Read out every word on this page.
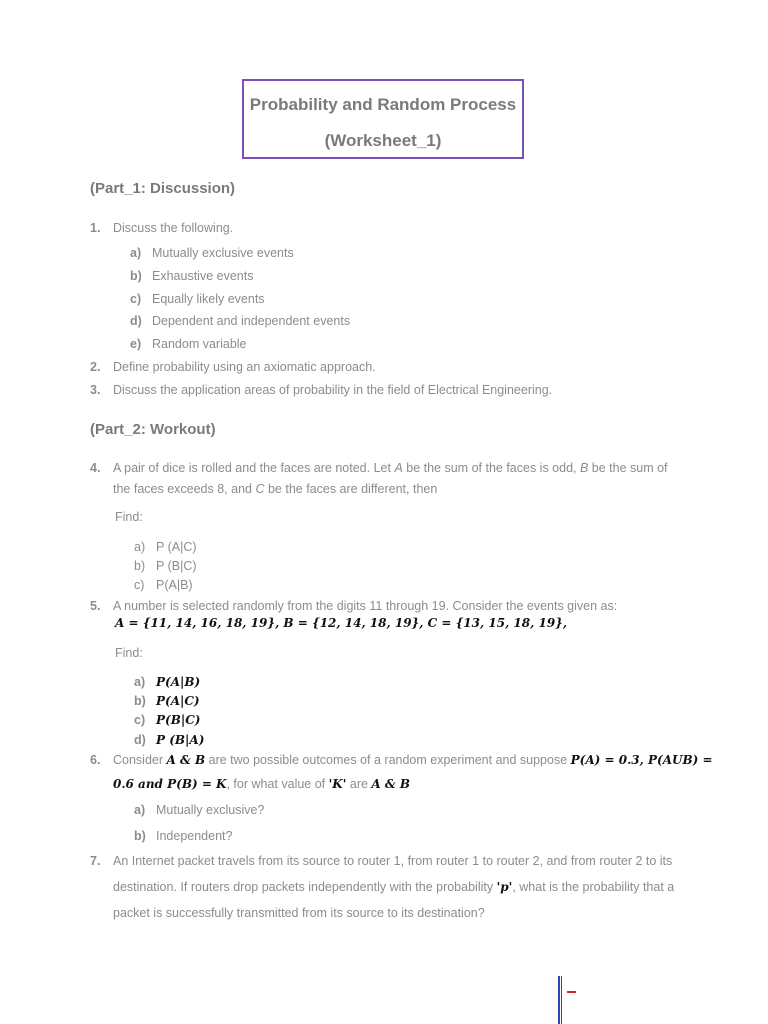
Probability and Random Process
(Worksheet_1)
(Part_1: Discussion)
1. Discuss the following.
a) Mutually exclusive events
b) Exhaustive events
c) Equally likely events
d) Dependent and independent events
e) Random variable
2. Define probability using an axiomatic approach.
3. Discuss the application areas of probability in the field of Electrical Engineering.
(Part_2: Workout)
4. A pair of dice is rolled and the faces are noted. Let A be the sum of the faces is odd, B be the sum of
the faces exceeds 8, and C be the faces are different, then
Find:
a) P (A|C)
b) P (B|C)
c) P(A|B)
5. A number is selected randomly from the digits 11 through 19. Consider the events given as:
A = {11, 14, 16, 18, 19}, B = {12, 14, 18, 19}, C = {13, 15, 18, 19},
Find:
a) P(A|B)
b) P(A|C)
c) P(B|C)
d) P (B|A)
6. Consider A & B are two possible outcomes of a random experiment and suppose P(A) = 0.3, P(AUB) =
0.6 and P(B) = K, for what value of 'K' are A & B
a) Mutually exclusive?
b) Independent?
7. An Internet packet travels from its source to router 1, from router 1 to router 2, and from router 2 to its
destination. If routers drop packets independently with the probability 'p', what is the probability that a
packet is successfully transmitted from its source to its destination?
